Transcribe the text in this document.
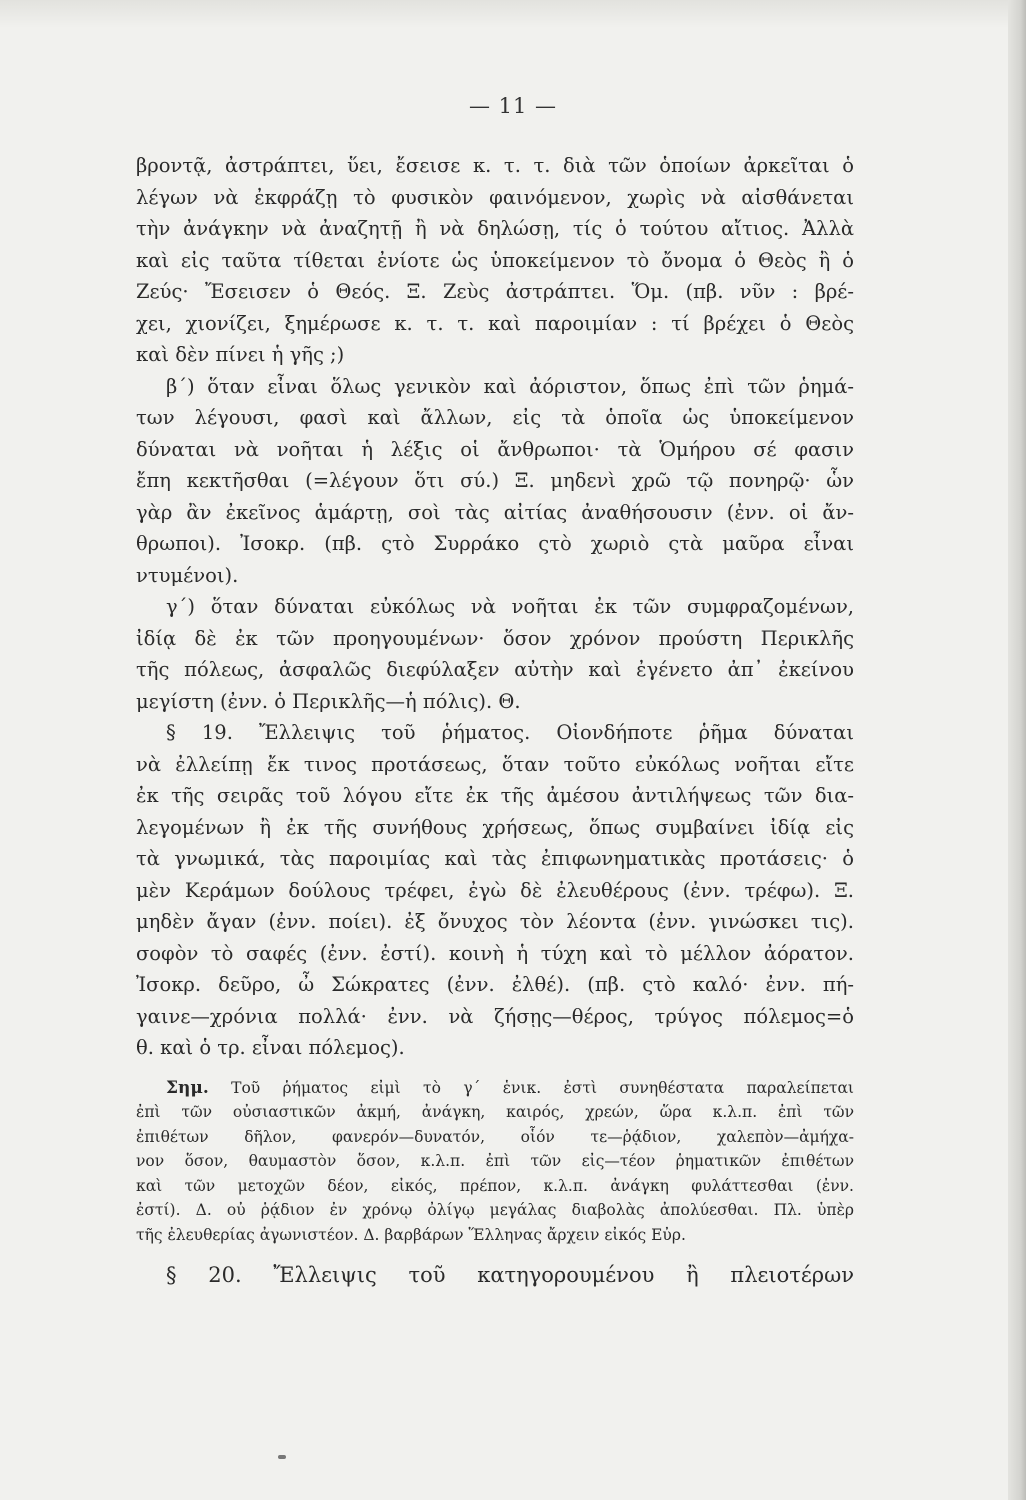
— 11 —
βροντᾷ, ἀστράπτει, ὕει, ἔσεισε κ. τ. τ. διὰ τῶν ὁποίων ἀρκεῖται ὁ
λέγων νὰ ἐκφράζῃ τὸ φυσικὸν φαινόμενον, χωρὶς νὰ αἰσθάνεται
τὴν ἀνάγκην νὰ ἀναζητῇ ἢ νὰ δηλώσῃ, τίς ὁ τούτου αἴτιος. Ἀλλὰ
καὶ εἰς ταῦτα τίθεται ἐνίοτε ὡς ὑποκείμενον τὸ ὄνομα ὁ Θεὸς ἢ ὁ
Ζεύς· Ἔσεισεν ὁ Θεός. Ξ. Ζεὺς ἀστράπτει. Ὅμ. (πβ. νῦν : βρέ-
χει, χιονίζει, ξημέρωσε κ. τ. τ. καὶ παροιμίαν : τί βρέχει ὁ Θεὸς
καὶ δὲν πίνει ἡ γῆς ;)
β΄) ὅταν εἶναι ὅλως γενικὸν καὶ ἀόριστον, ὅπως ἐπὶ τῶν ῥημά-
των λέγουσι, φασὶ καὶ ἄλλων, εἰς τὰ ὁποῖα ὡς ὑποκείμενον
δύναται νὰ νοῆται ἡ λέξις οἱ ἄνθρωποι· τὰ Ὁμήρου σέ φασιν
ἔπη κεκτῆσθαι (=λέγουν ὅτι σύ.) Ξ. μηδενὶ χρῶ τῷ πονηρῷ· ὧν
γὰρ ἂν ἐκεῖνος ἁμάρτῃ, σοὶ τὰς αἰτίας ἀναθήσουσιν (ἐνν. οἱ ἄν-
θρωποι). Ἰσοκρ. (πβ. ςτὸ Συρράκο ςτὸ χωριὸ ςτὰ μαῦρα εἶναι
ντυμένοι).
γ΄) ὅταν δύναται εὐκόλως νὰ νοῆται ἐκ τῶν συμφραζομένων,
ἰδίᾳ δὲ ἐκ τῶν προηγουμένων· ὅσον χρόνον προύστη Περικλῆς
τῆς πόλεως, ἀσφαλῶς διεφύλαξεν αὐτὴν καὶ ἐγένετο ἀπ᾽ ἐκείνου
μεγίστη (ἐνν. ὁ Περικλῆς—ἡ πόλις). Θ.
§ 19. Ἔλλειψις τοῦ ῥήματος. Οἱονδήποτε ῥῆμα δύναται
νὰ ἐλλείπῃ ἔκ τινος προτάσεως, ὅταν τοῦτο εὐκόλως νοῆται εἴτε
ἐκ τῆς σειρᾶς τοῦ λόγου εἴτε ἐκ τῆς ἀμέσου ἀντιλήψεως τῶν δια-
λεγομένων ἢ ἐκ τῆς συνήθους χρήσεως, ὅπως συμβαίνει ἰδίᾳ εἰς
τὰ γνωμικά, τὰς παροιμίας καὶ τὰς ἐπιφωνηματικὰς προτάσεις· ὁ
μὲν Κεράμων δούλους τρέφει, ἐγὼ δὲ ἐλευθέρους (ἐνν. τρέφω). Ξ.
μηδὲν ἄγαν (ἐνν. ποίει). ἐξ ὄνυχος τὸν λέοντα (ἐνν. γινώσκει τις).
σοφὸν τὸ σαφές (ἐνν. ἐστί). κοινὴ ἡ τύχη καὶ τὸ μέλλον ἀόρατον.
Ἰσοκρ. δεῦρο, ὦ Σώκρατες (ἐνν. ἐλθέ). (πβ. ςτὸ καλό· ἐνν. πή-
γαινε—χρόνια πολλά· ἐνν. νὰ ζήσῃς—θέρος, τρύγος πόλεμος=ὁ
θ. καὶ ὁ τρ. εἶναι πόλεμος).
Σημ. Τοῦ ῥήματος εἰμὶ τὸ γ΄ ἑνικ. ἐστὶ συνηθέστατα παραλείπεται
ἐπὶ τῶν οὐσιαστικῶν ἀκμή, ἀνάγκη, καιρός, χρεών, ὥρα κ.λ.π. ἐπὶ τῶν
ἐπιθέτων δῆλον, φανερόν—δυνατόν, οἷόν τε—ῥᾴδιον, χαλεπὸν—ἀμήχα-
νον ὅσον, θαυμαστὸν ὅσον, κ.λ.π. ἐπὶ τῶν εἰς—τέον ῥηματικῶν ἐπιθέτων
καὶ τῶν μετοχῶν δέον, εἰκός, πρέπον, κ.λ.π. ἀνάγκη φυλάττεσθαι (ἐνν.
ἐστί). Δ. οὐ ῥᾴδιον ἐν χρόνῳ ὀλίγῳ μεγάλας διαβολὰς ἀπολύεσθαι. Πλ. ὑπὲρ
τῆς ἐλευθερίας ἀγωνιστέον. Δ. βαρβάρων Ἕλληνας ἄρχειν εἰκός Εὐρ.
§ 20. Ἔλλειψις τοῦ κατηγορουμένου ἢ πλειοτέρων
